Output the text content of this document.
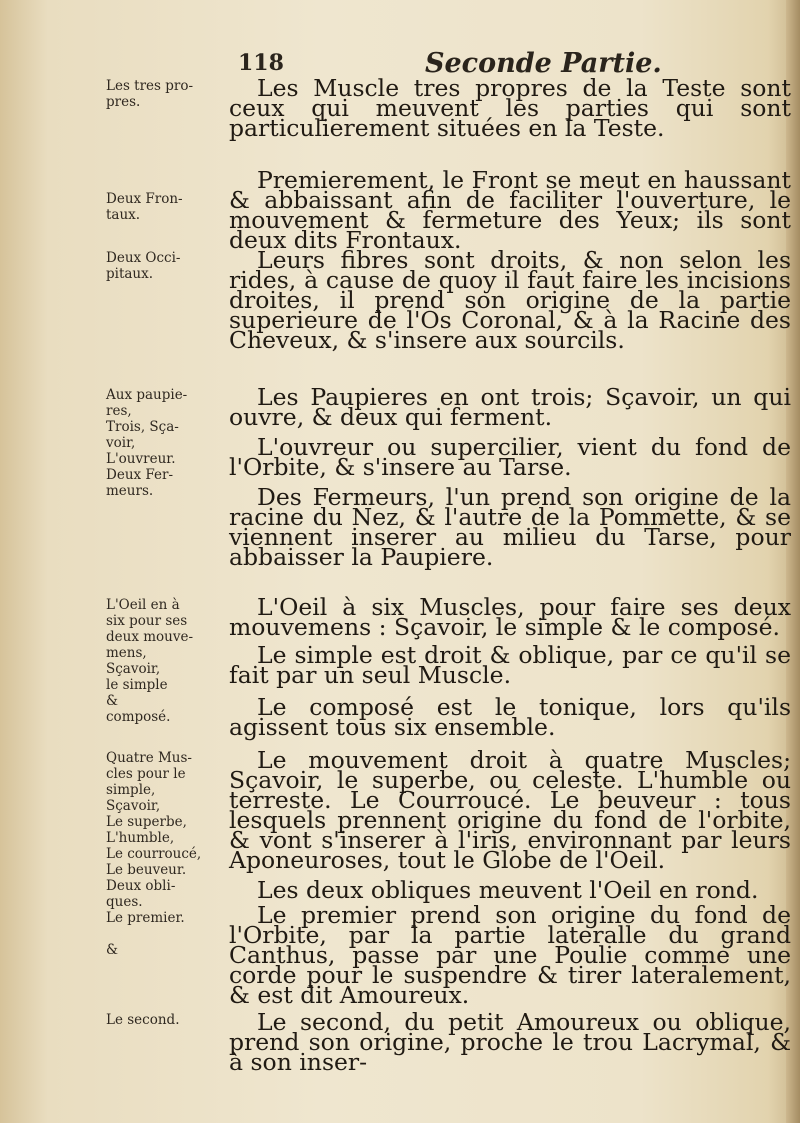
118	Seconde Partie.
Les tres pro-
pres.
Deux Fron-
taux.
Deux Occi-
pitaux.
Aux paupie-
res,
Trois, Sça-
voir,
L'ouvreur.
Deux Fer-
meurs.
L'Oeil en à
six pour ses
deux mouve-
mens,
Sçavoir,
le simple
&
composé.
Quatre Mus-
cles pour le
simple,
Sçavoir,
Le superbe,
L'humble,
Le courroucé,
Le beuveur.
Deux obli-
ques.
Le premier.

&
Le second.
Les Muscle tres propres de la Teste sont ceux qui meuvent les parties qui sont particulierement situées en la Teste.
Premierement, le Front se meut en haussant & abbaissant afin de faciliter l'ouverture, le mouvement & fermeture des Yeux; ils sont deux dits Frontaux.
Leurs fibres sont droits, & non selon les rides, à cause de quoy il faut faire les incisions droites, il prend son origine de la partie superieure de l'Os Coronal, & à la Racine des Cheveux, & s'insere aux sourcils.
Les Paupieres en ont trois; Sçavoir, un qui ouvre, & deux qui ferment.
L'ouvreur ou supercilier, vient du fond de l'Orbite, & s'insere au Tarse.
Des Fermeurs, l'un prend son origine de la racine du Nez, & l'autre de la Pommette, & se viennent inserer au milieu du Tarse, pour abbaisser la Paupiere.
L'Oeil à six Muscles, pour faire ses deux mouvemens : Sçavoir, le simple & le composé.
Le simple est droit & oblique, par ce qu'il se fait par un seul Muscle.
Le composé est le tonique, lors qu'ils agissent tous six ensemble.
Le mouvement droit à quatre Muscles; Sçavoir, le superbe, ou celeste. L'humble ou terreste. Le Courroucé. Le beuveur : tous lesquels prennent origine du fond de l'orbite, & vont s'inserer à l'iris, environnant par leurs Aponeuroses, tout le Globe de l'Oeil.
Les deux obliques meuvent l'Oeil en rond.
Le premier prend son origine du fond de l'Orbite, par la partie lateralle du grand Canthus, passe par une Poulie comme une corde pour le suspendre & tirer lateralement, & est dit Amoureux.
Le second, du petit Amoureux ou oblique, prend son origine, proche le trou Lacrymal, & à son inser-
